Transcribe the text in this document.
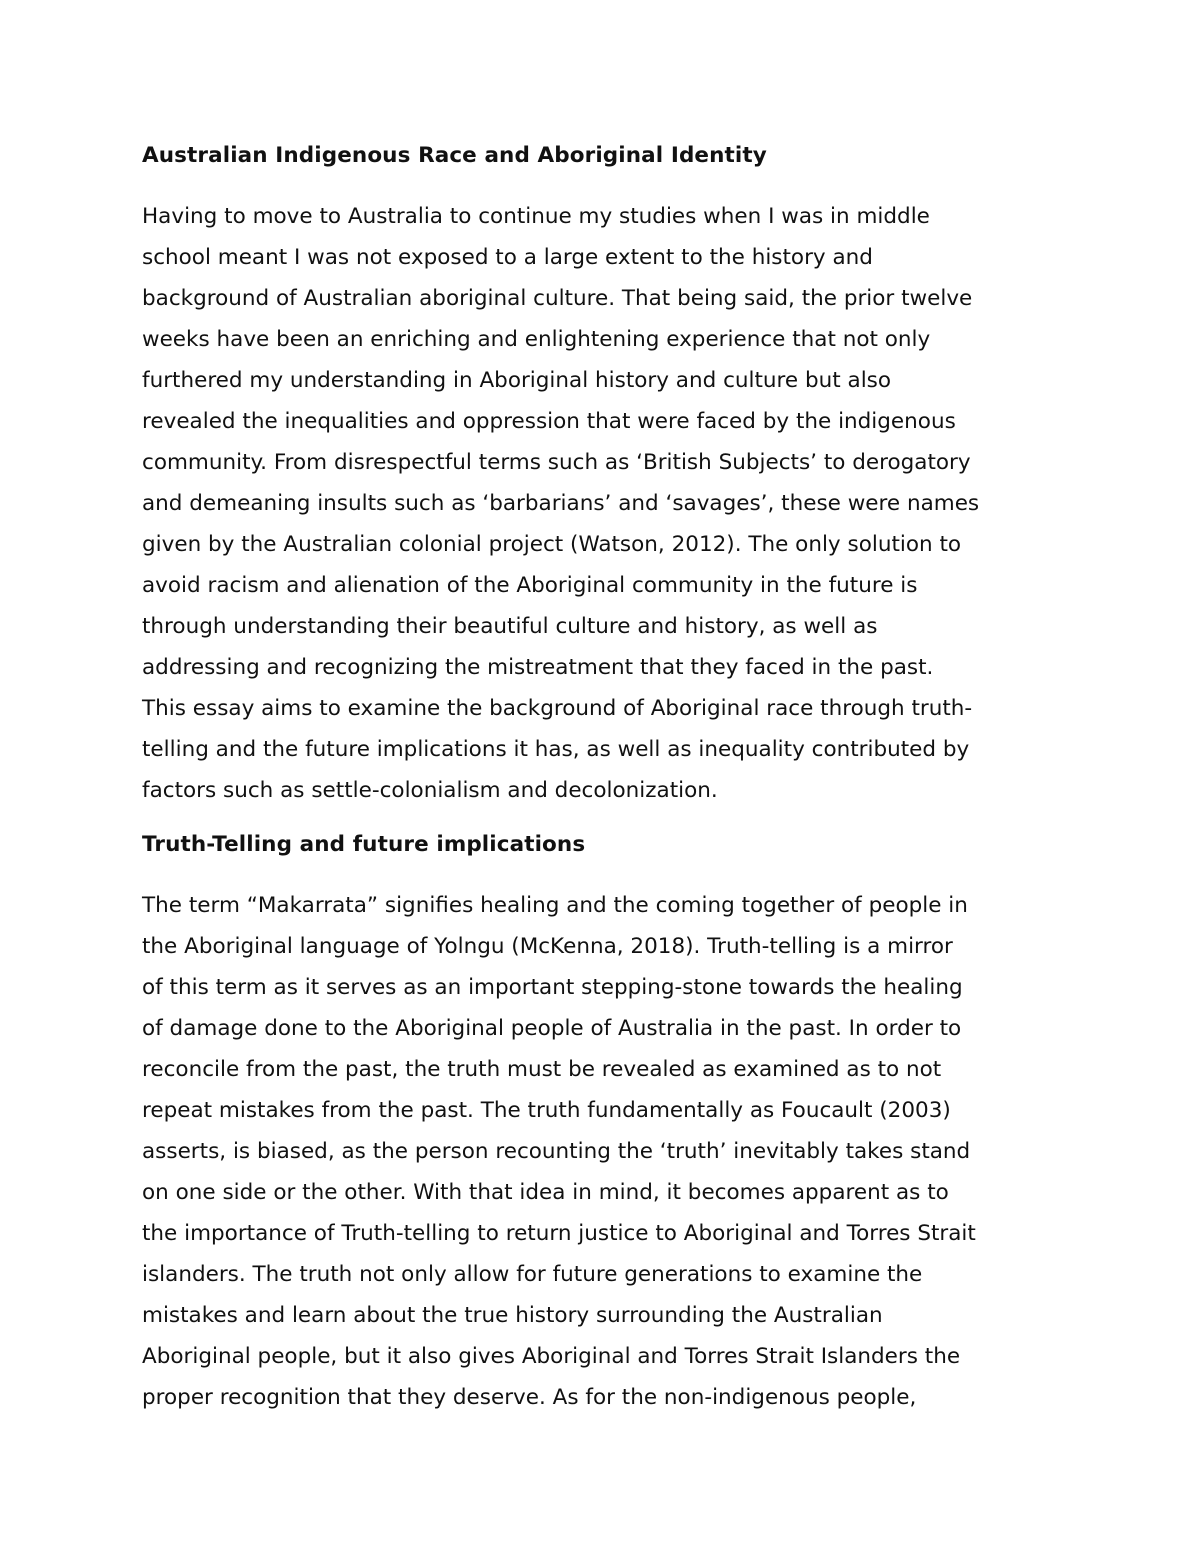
Australian Indigenous Race and Aboriginal Identity
Having to move to Australia to continue my studies when I was in middle
school meant I was not exposed to a large extent to the history and
background of Australian aboriginal culture. That being said, the prior twelve
weeks have been an enriching and enlightening experience that not only
furthered my understanding in Aboriginal history and culture but also
revealed the inequalities and oppression that were faced by the indigenous
community. From disrespectful terms such as ‘British Subjects’ to derogatory
and demeaning insults such as ‘barbarians’ and ‘savages’, these were names
given by the Australian colonial project (Watson, 2012). The only solution to
avoid racism and alienation of the Aboriginal community in the future is
through understanding their beautiful culture and history, as well as
addressing and recognizing the mistreatment that they faced in the past.
This essay aims to examine the background of Aboriginal race through truth-
telling and the future implications it has, as well as inequality contributed by
factors such as settle-colonialism and decolonization.
Truth-Telling and future implications
The term “Makarrata” signifies healing and the coming together of people in
the Aboriginal language of Yolngu (McKenna, 2018). Truth-telling is a mirror
of this term as it serves as an important stepping-stone towards the healing
of damage done to the Aboriginal people of Australia in the past. In order to
reconcile from the past, the truth must be revealed as examined as to not
repeat mistakes from the past. The truth fundamentally as Foucault (2003)
asserts, is biased, as the person recounting the ‘truth’ inevitably takes stand
on one side or the other. With that idea in mind, it becomes apparent as to
the importance of Truth-telling to return justice to Aboriginal and Torres Strait
islanders. The truth not only allow for future generations to examine the
mistakes and learn about the true history surrounding the Australian
Aboriginal people, but it also gives Aboriginal and Torres Strait Islanders the
proper recognition that they deserve. As for the non-indigenous people,
